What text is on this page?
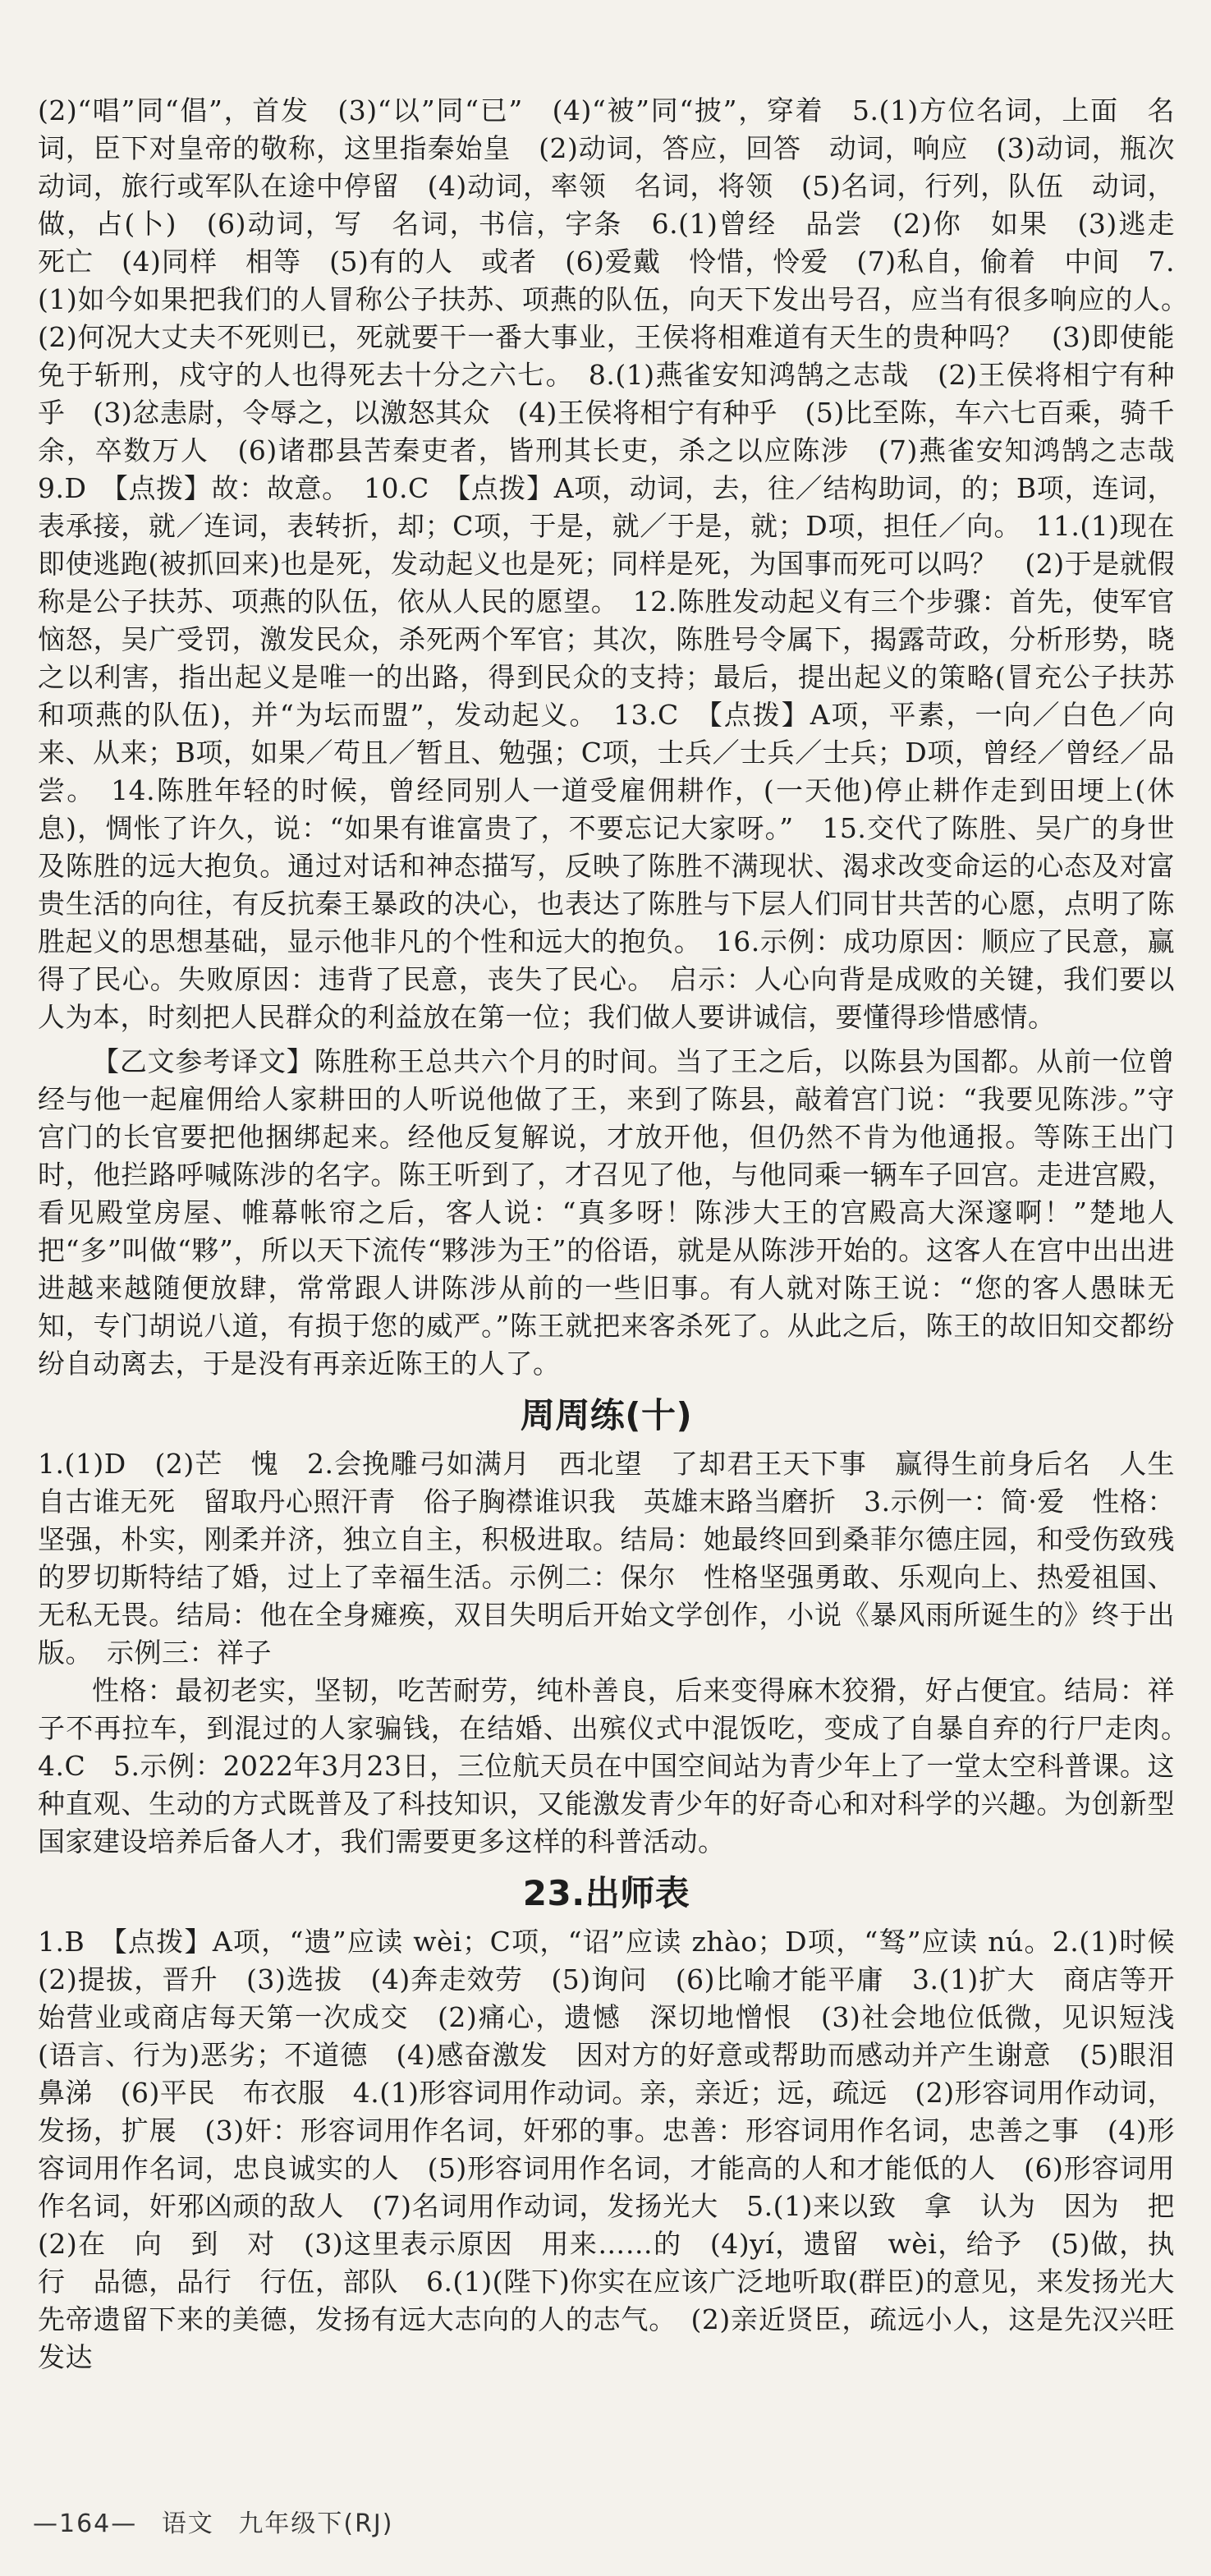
(2)“唱”同“倡”，首发　(3)“以”同“已”　(4)“被”同“披”，穿着　5.(1)方位名词，上面　名词，臣下对皇帝的敬称，这里指秦始皇　(2)动词，答应，回答　动词，响应　(3)动词，瓶次　动词，旅行或军队在途中停留　(4)动词，率领　名词，将领　(5)名词，行列，队伍　动词，做，占(卜)　(6)动词，写　名词，书信，字条　6.(1)曾经　品尝　(2)你　如果　(3)逃走　死亡　(4)同样　相等　(5)有的人　或者　(6)爱戴　怜惜，怜爱　(7)私自，偷着　中间　7.(1)如今如果把我们的人冒称公子扶苏、项燕的队伍，向天下发出号召，应当有很多响应的人。　(2)何况大丈夫不死则已，死就要干一番大事业，王侯将相难道有天生的贵种吗？　(3)即使能免于斩刑，戍守的人也得死去十分之六七。　8.(1)燕雀安知鸿鹄之志哉　(2)王侯将相宁有种乎　(3)忿恚尉，令辱之，以激怒其众　(4)王侯将相宁有种乎　(5)比至陈，车六七百乘，骑千余，卒数万人　(6)诸郡县苦秦吏者，皆刑其长吏，杀之以应陈涉　(7)燕雀安知鸿鹄之志哉　9.D　【点拨】故：故意。　10.C　【点拨】A项，动词，去，往／结构助词，的；B项，连词，表承接，就／连词，表转折，却；C项，于是，就／于是，就；D项，担任／向。　11.(1)现在即使逃跑(被抓回来)也是死，发动起义也是死；同样是死，为国事而死可以吗？　(2)于是就假称是公子扶苏、项燕的队伍，依从人民的愿望。　12.陈胜发动起义有三个步骤：首先，使军官恼怒，吴广受罚，激发民众，杀死两个军官；其次，陈胜号令属下，揭露苛政，分析形势，晓之以利害，指出起义是唯一的出路，得到民众的支持；最后，提出起义的策略(冒充公子扶苏和项燕的队伍)，并“为坛而盟”，发动起义。　13.C　【点拨】A项，平素，一向／白色／向来、从来；B项，如果／苟且／暂且、勉强；C项，士兵／士兵／士兵；D项，曾经／曾经／品尝。　14.陈胜年轻的时候，曾经同别人一道受雇佣耕作，(一天他)停止耕作走到田埂上(休息)，惆怅了许久，说：“如果有谁富贵了，不要忘记大家呀。”　15.交代了陈胜、吴广的身世及陈胜的远大抱负。通过对话和神态描写，反映了陈胜不满现状、渴求改变命运的心态及对富贵生活的向往，有反抗秦王暴政的决心，也表达了陈胜与下层人们同甘共苦的心愿，点明了陈胜起义的思想基础，显示他非凡的个性和远大的抱负。　16.示例：成功原因：顺应了民意，赢得了民心。失败原因：违背了民意，丧失了民心。　启示：人心向背是成败的关键，我们要以人为本，时刻把人民群众的利益放在第一位；我们做人要讲诚信，要懂得珍惜感情。

【乙文参考译文】陈胜称王总共六个月的时间。当了王之后，以陈县为国都。从前一位曾经与他一起雇佣给人家耕田的人听说他做了王，来到了陈县，敲着宫门说：“我要见陈涉。”守宫门的长官要把他捆绑起来。经他反复解说，才放开他，但仍然不肯为他通报。等陈王出门时，他拦路呼喊陈涉的名字。陈王听到了，才召见了他，与他同乘一辆车子回宫。走进宫殿，看见殿堂房屋、帷幕帐帘之后，客人说：“真多呀！陈涉大王的宫殿高大深邃啊！”楚地人把“多”叫做“夥”，所以天下流传“夥涉为王”的俗语，就是从陈涉开始的。这客人在宫中出出进进越来越随便放肆，常常跟人讲陈涉从前的一些旧事。有人就对陈王说：“您的客人愚昧无知，专门胡说八道，有损于您的威严。”陈王就把来客杀死了。从此之后，陈王的故旧知交都纷纷自动离去，于是没有再亲近陈王的人了。

周周练(十)

1.(1)D　(2)芒　愧　2.会挽雕弓如满月　西北望　了却君王天下事　赢得生前身后名　人生自古谁无死　留取丹心照汗青　俗子胸襟谁识我　英雄末路当磨折　3.示例一：简·爱　性格：坚强，朴实，刚柔并济，独立自主，积极进取。结局：她最终回到桑菲尔德庄园，和受伤致残的罗切斯特结了婚，过上了幸福生活。示例二：保尔　性格坚强勇敢、乐观向上、热爱祖国、无私无畏。结局：他在全身瘫痪，双目失明后开始文学创作，小说《暴风雨所诞生的》终于出版。　示例三：祥子

性格：最初老实，坚韧，吃苦耐劳，纯朴善良，后来变得麻木狡猾，好占便宜。结局：祥子不再拉车，到混过的人家骗钱，在结婚、出殡仪式中混饭吃，变成了自暴自弃的行尸走肉。　4.C　5.示例：2022年3月23日，三位航天员在中国空间站为青少年上了一堂太空科普课。这种直观、生动的方式既普及了科技知识，又能激发青少年的好奇心和对科学的兴趣。为创新型国家建设培养后备人才，我们需要更多这样的科普活动。

23.出师表

1.B　【点拨】A项，“遗”应读 wèi；C项，“诏”应读 zhào；D项，“驽”应读 nú。2.(1)时候　(2)提拔，晋升　(3)选拔　(4)奔走效劳　(5)询问　(6)比喻才能平庸　3.(1)扩大　商店等开始营业或商店每天第一次成交　(2)痛心，遗憾　深切地憎恨　(3)社会地位低微，见识短浅　(语言、行为)恶劣；不道德　(4)感奋激发　因对方的好意或帮助而感动并产生谢意　(5)眼泪　鼻涕　(6)平民　布衣服　4.(1)形容词用作动词。亲，亲近；远，疏远　(2)形容词用作动词，发扬，扩展　(3)奸：形容词用作名词，奸邪的事。忠善：形容词用作名词，忠善之事　(4)形容词用作名词，忠良诚实的人　(5)形容词用作名词，才能高的人和才能低的人　(6)形容词用作名词，奸邪凶顽的敌人　(7)名词用作动词，发扬光大　5.(1)来以致　拿　认为　因为　把　(2)在　向　到　对　(3)这里表示原因　用来……的　(4)yí，遗留　wèi，给予　(5)做，执行　品德，品行　行伍，部队　6.(1)(陛下)你实在应该广泛地听取(群臣)的意见，来发扬光大先帝遗留下来的美德，发扬有远大志向的人的志气。　(2)亲近贤臣，疏远小人，这是先汉兴旺发达

—164— 语文 九年级下(RJ)
